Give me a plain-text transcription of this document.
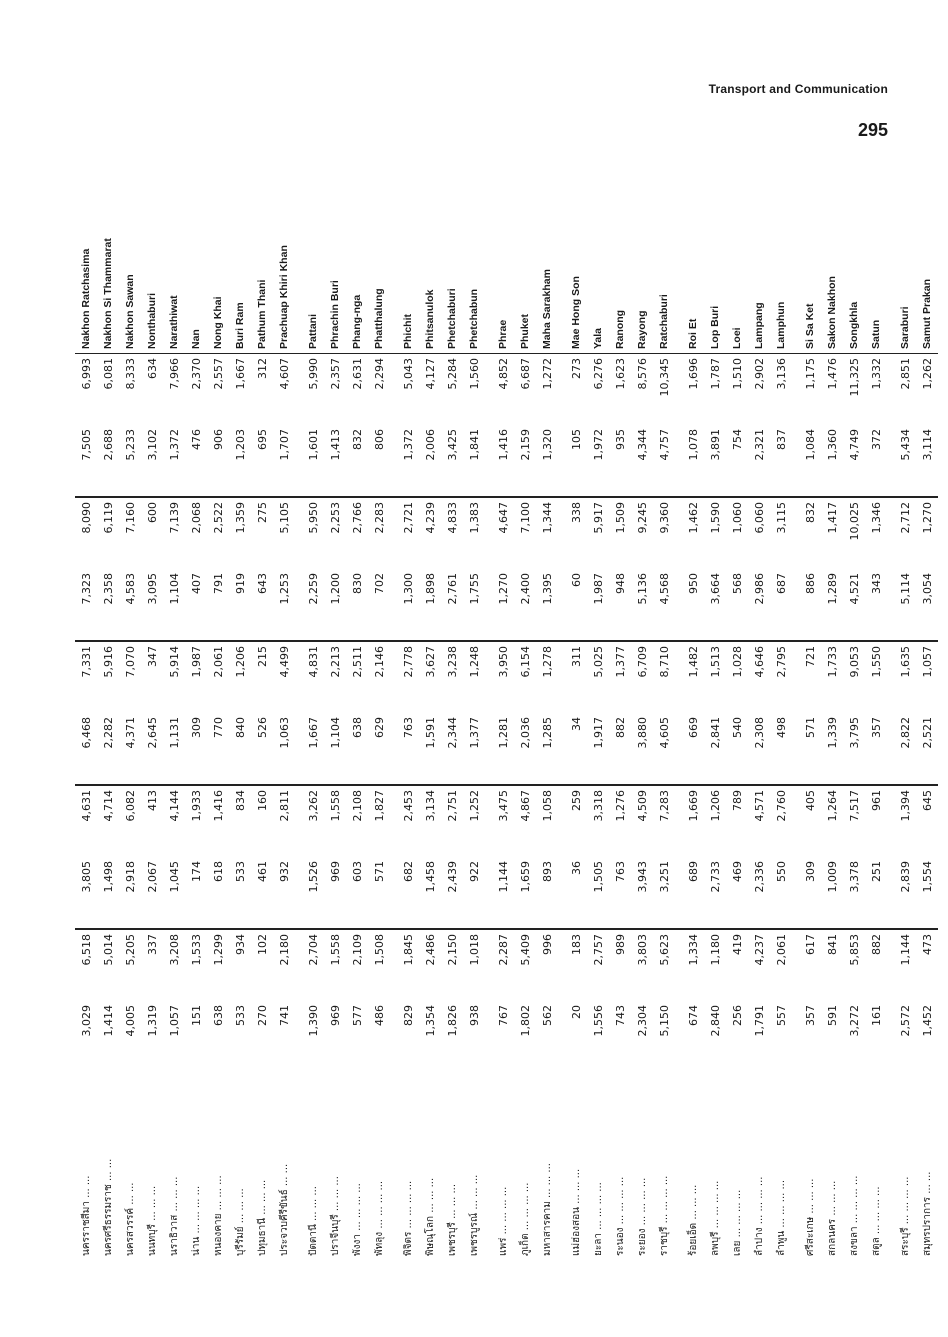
Transport and Communication
295
นครราชสีมา ... ...	3,029	6,518	3,805	4,631	6,468	7,331	7,323	8,090	7,505	6,993	Nakhon Ratchasima
นครศรีธรรมราช ... ...	1,414	5,014	1,498	4,714	2,282	5,916	2,358	6,119	2,688	6,081	Nakhon Si Thammarat
นครสวรรค์ ... ...	4,005	5,205	2,918	6,082	4,371	7,070	4,583	7,160	5,233	8,333	Nakhon Sawan
นนทบุรี ... ... ...	1,319	337	2,067	413	2,645	347	3,095	600	3,102	634	Nonthaburi
นราธิวาส ... ... ...	1,057	3,208	1,045	4,144	1,131	5,914	1,104	7,139	1,372	7,966	Narathiwat
น่าน ... ... ... ...	151	1,533	174	1,933	309	1,987	407	2,068	476	2,370	Nan
หนองคาย ... ... ...	638	1,299	618	1,416	770	2,061	791	2,522	906	2,557	Nong Khai
บุรีรัมย์ ... ... ...	533	934	533	834	840	1,206	919	1,359	1,203	1,667	Buri Ram
ปทุมธานี ... ... ...	270	102	461	160	526	215	643	275	695	312	Pathum Thani
ประจวบคีรีขันธ์ ... ...	741	2,180	932	2,811	1,063	4,499	1,253	5,105	1,707	4,607	Prachuap Khiri Khan
ปัตตานี ... ... ...	1,390	2,704	1,526	3,262	1,667	4,831	2,259	5,950	1,601	5,990	Pattani
ปราจีนบุรี ... ... ...	969	1,558	969	1,558	1,104	2,213	1,200	2,253	1,413	2,357	Phrachin Buri
พังงา ... ... ... ...	577	2,109	603	2,108	638	2,511	830	2,766	832	2,631	Phang-nga
พัทลุง ... ... ... ...	486	1,508	571	1,827	629	2,146	702	2,283	806	2,294	Phatthalung
พิจิตร ... ... ... ...	829	1,845	682	2,453	763	2,778	1,300	2,721	1,372	5,043	Phichit
พิษณุโลก ... ... ...	1,354	2,486	1,458	3,134	1,591	3,627	1,898	4,239	2,006	4,127	Phitsanulok
เพชรบุรี ... ... ...	1,826	2,150	2,439	2,751	2,344	3,238	2,761	4,833	3,425	5,284	Phetchaburi
เพชรบูรณ์ ... ... ...	938	1,018	922	1,252	1,377	1,248	1,755	1,383	1,841	1,560	Phetchabun
แพร่ ... ... ... ...	767	2,287	1,144	3,475	1,281	3,950	1,270	4,647	1,416	4,852	Phrae
ภูเก็ต ... ... ... ...	1,802	5,409	1,659	4,867	2,036	6,154	2,400	7,100	2,159	6,687	Phuket
มหาสารคาม ... ... ...	562	996	893	1,058	1,285	1,278	1,395	1,344	1,320	1,272	Maha Sarakham
แม่ฮ่องสอน ... ... ...	20	183	36	259	34	311	60	338	105	273	Mae Hong Son
ยะลา ... ... ... ...	1,556	2,757	1,505	3,318	1,917	5,025	1,987	5,917	1,972	6,276	Yala
ระนอง ... ... ... ...	743	989	763	1,276	882	1,377	948	1,509	935	1,623	Ranong
ระยอง ... ... ... ...	2,304	3,803	3,943	4,509	3,880	6,709	5,136	9,245	4,344	8,576	Rayong
ราชบุรี ... ... ... ...	5,150	5,623	3,251	7,283	4,605	8,710	4,568	9,360	4,757	10,345	Ratchaburi
ร้อยเอ็ด ... ... ...	674	1,334	689	1,669	669	1,482	950	1,462	1,078	1,696	Roi Et
ลพบุรี ... ... ... ...	2,840	1,180	2,733	1,206	2,841	1,513	3,664	1,590	3,891	1,787	Lop Buri
เลย ... ... ... ...	256	419	469	789	540	1,028	568	1,060	754	1,510	Loei
ลำปาง ... ... ... ...	1,791	4,237	2,336	4,571	2,308	4,646	2,986	6,060	2,321	2,902	Lampang
ลำพูน ... ... ... ...	557	2,061	550	2,760	498	2,795	687	3,115	837	3,136	Lamphun
ศรีสะเกษ ... ... ...	357	617	309	405	571	721	886	832	1,084	1,175	Si Sa Ket
สกลนคร ... ... ...	591	841	1,009	1,264	1,339	1,733	1,289	1,417	1,360	1,476	Sakon Nakhon
สงขลา ... ... ... ...	3,272	5,853	3,378	7,517	3,795	9,053	4,521	10,025	4,749	11,325	Songkhla
สตูล ... ... ... ...	161	882	251	961	357	1,550	343	1,346	372	1,332	Satun
สระบุรี ... ... ... ...	2,572	1,144	2,839	1,394	2,822	1,635	5,114	2,712	5,434	2,851	Saraburi
สมุทรปราการ ... ...	1,452	473	1,554	645	2,521	1,057	3,054	1,270	3,114	1,262	Samut Prakan
